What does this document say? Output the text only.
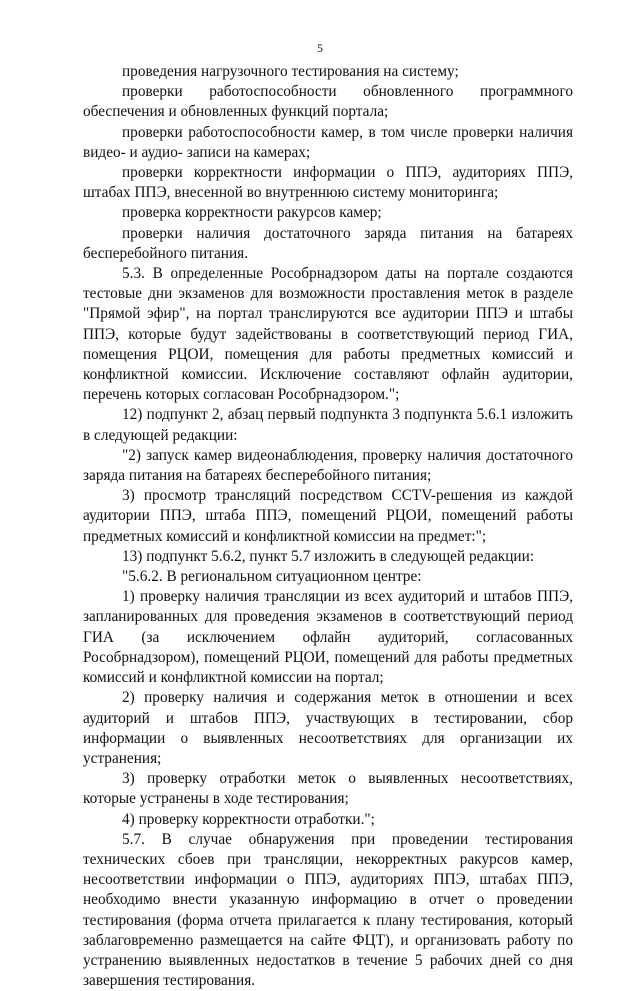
5

проведения нагрузочного тестирования на систему;

проверки работоспособности обновленного программного обеспечения и обновленных функций портала;

проверки работоспособности камер, в том числе проверки наличия видео- и аудио- записи на камерах;

проверки корректности информации о ППЭ, аудиториях ППЭ, штабах ППЭ, внесенной во внутреннюю систему мониторинга;

проверка корректности ракурсов камер;

проверки наличия достаточного заряда питания на батареях бесперебойного питания.

5.3. В определенные Рособрнадзором даты на портале создаются тестовые дни экзаменов для возможности проставления меток в разделе "Прямой эфир", на портал транслируются все аудитории ППЭ и штабы ППЭ, которые будут задействованы в соответствующий период ГИА, помещения РЦОИ, помещения для работы предметных комиссий и конфликтной комиссии. Исключение составляют офлайн аудитории, перечень которых согласован Рособрнадзором.";

12) подпункт 2, абзац первый подпункта 3 подпункта 5.6.1 изложить в следующей редакции:

"2) запуск камер видеонаблюдения, проверку наличия достаточного заряда питания на батареях бесперебойного питания;

3) просмотр трансляций посредством CCTV-решения из каждой аудитории ППЭ, штаба ППЭ, помещений РЦОИ, помещений работы предметных комиссий и конфликтной комиссии на предмет:";

13) подпункт 5.6.2, пункт 5.7 изложить в следующей редакции:

"5.6.2. В региональном ситуационном центре:

1) проверку наличия трансляции из всех аудиторий и штабов ППЭ, запланированных для проведения экзаменов в соответствующий период ГИА (за исключением офлайн аудиторий, согласованных Рособрнадзором), помещений РЦОИ, помещений для работы предметных комиссий и конфликтной комиссии на портал;

2) проверку наличия и содержания меток в отношении и всех аудиторий и штабов ППЭ, участвующих в тестировании, сбор информации о выявленных несоответствиях для организации их устранения;

3) проверку отработки меток о выявленных несоответствиях, которые устранены в ходе тестирования;

4) проверку корректности отработки.";

5.7. В случае обнаружения при проведении тестирования технических сбоев при трансляции, некорректных ракурсов камер, несоответствии информации о ППЭ, аудиториях ППЭ, штабах ППЭ, необходимо внести указанную информацию в отчет о проведении тестирования (форма отчета прилагается к плану тестирования, который заблаговременно размещается на сайте ФЦТ), и организовать работу по устранению выявленных недостатков в течение 5 рабочих дней со дня завершения тестирования.
